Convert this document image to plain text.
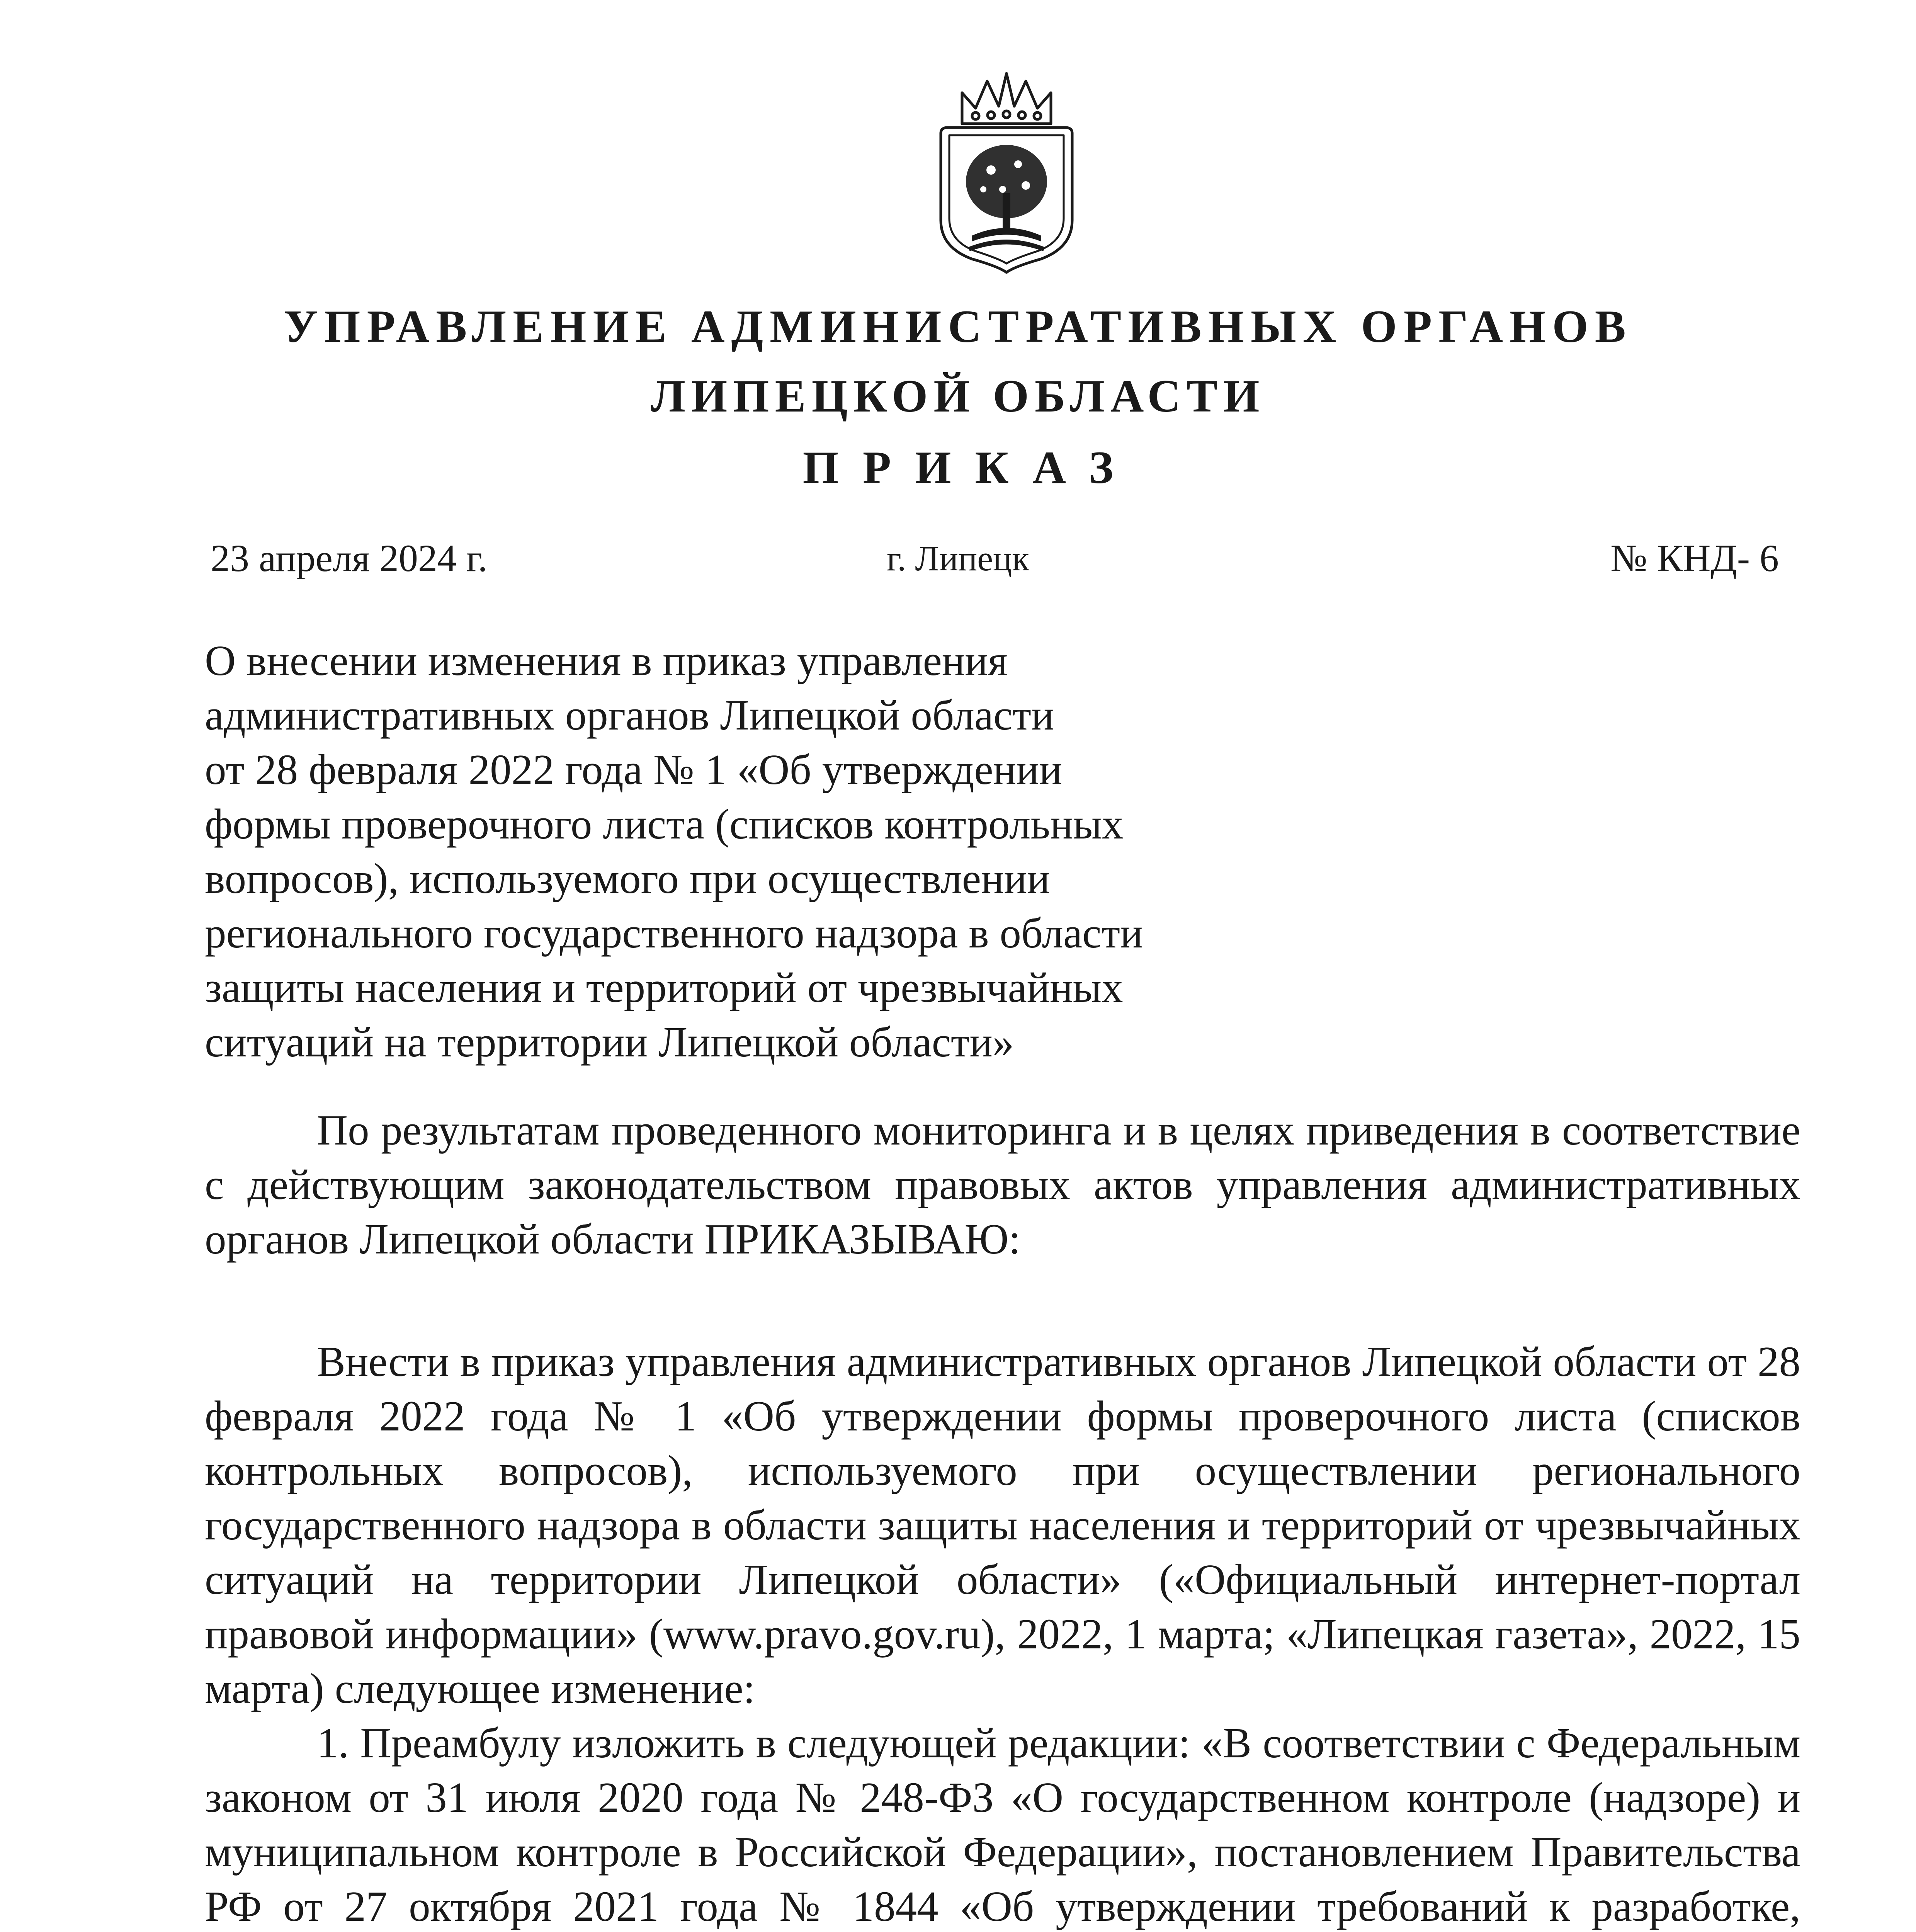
УПРАВЛЕНИЕ АДМИНИСТРАТИВНЫХ ОРГАНОВ
ЛИПЕЦКОЙ ОБЛАСТИ
ПРИКАЗ
23 апреля 2024 г.	г. Липецк	№ КНД- 6
О внесении изменения в приказ управления
административных органов Липецкой области
от 28 февраля 2022 года № 1 «Об утверждении
формы проверочного листа (списков контрольных
вопросов), используемого при осуществлении
регионального государственного надзора в области
защиты населения и территорий от чрезвычайных
ситуаций на территории Липецкой области»

По результатам проведенного мониторинга и в целях приведения в соответствие с действующим законодательством правовых актов управления административных органов Липецкой области ПРИКАЗЫВАЮ:

Внести в приказ управления административных органов Липецкой области от 28 февраля 2022 года № 1 «Об утверждении формы проверочного листа (списков контрольных вопросов), используемого при осуществлении регионального государственного надзора в области защиты населения и территорий от чрезвычайных ситуаций на территории Липецкой области» («Официальный интернет-портал правовой информации» (www.pravo.gov.ru), 2022, 1 марта; «Липецкая газета», 2022, 15 марта) следующее изменение:

1. Преамбулу изложить в следующей редакции: «В соответствии с Федеральным законом от 31 июля 2020 года № 248-ФЗ «О государственном контроле (надзоре) и муниципальном контроле в Российской Федерации», постановлением Правительства РФ от 27 октября 2021 года № 1844 «Об утверждении требований к разработке,
